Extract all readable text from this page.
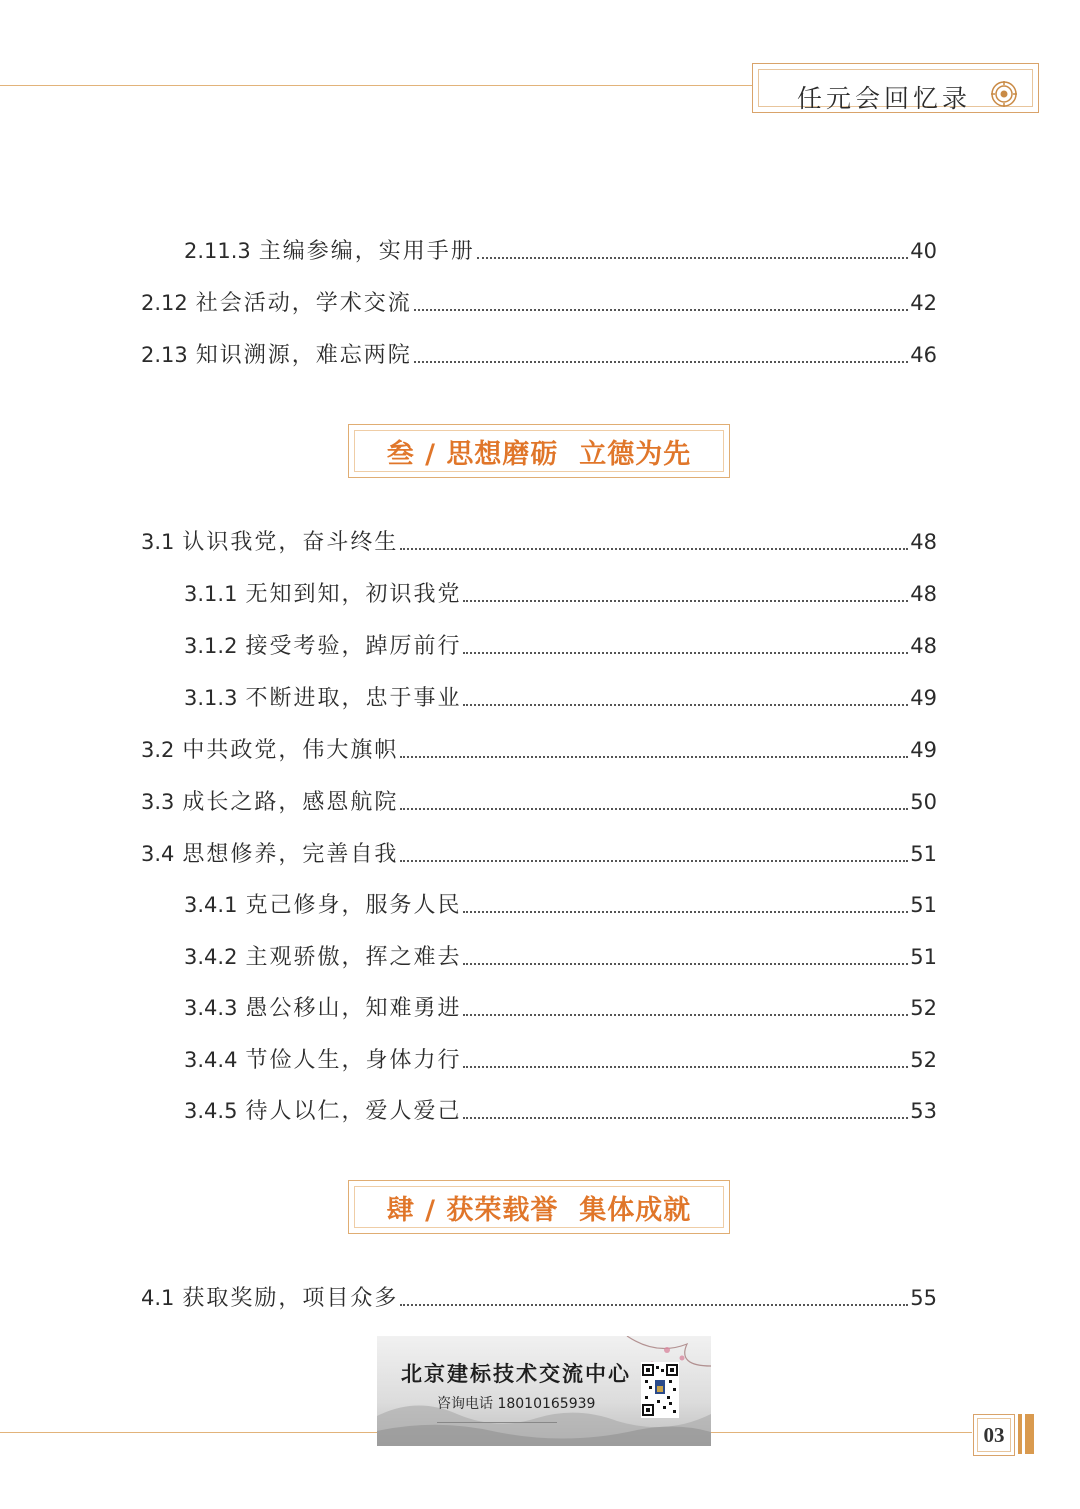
任元会回忆录
2.11.3 主编参编，实用手册	40
2.12 社会活动，学术交流	42
2.13 知识溯源，难忘两院	46
叁 / 思想磨砺  立德为先
3.1 认识我党，奋斗终生	48
3.1.1 无知到知，初识我党	48
3.1.2 接受考验，踔厉前行	48
3.1.3 不断进取，忠于事业	49
3.2 中共政党，伟大旗帜	49
3.3 成长之路，感恩航院	50
3.4 思想修养，完善自我	51
3.4.1 克己修身，服务人民	51
3.4.2 主观骄傲，挥之难去	51
3.4.3 愚公移山，知难勇进	52
3.4.4 节俭人生，身体力行	52
3.4.5 待人以仁，爱人爱己	53
肆 / 获荣载誉  集体成就
4.1 获取奖励，项目众多	55
北京建标技术交流中心
咨询电话 18010165939
03
